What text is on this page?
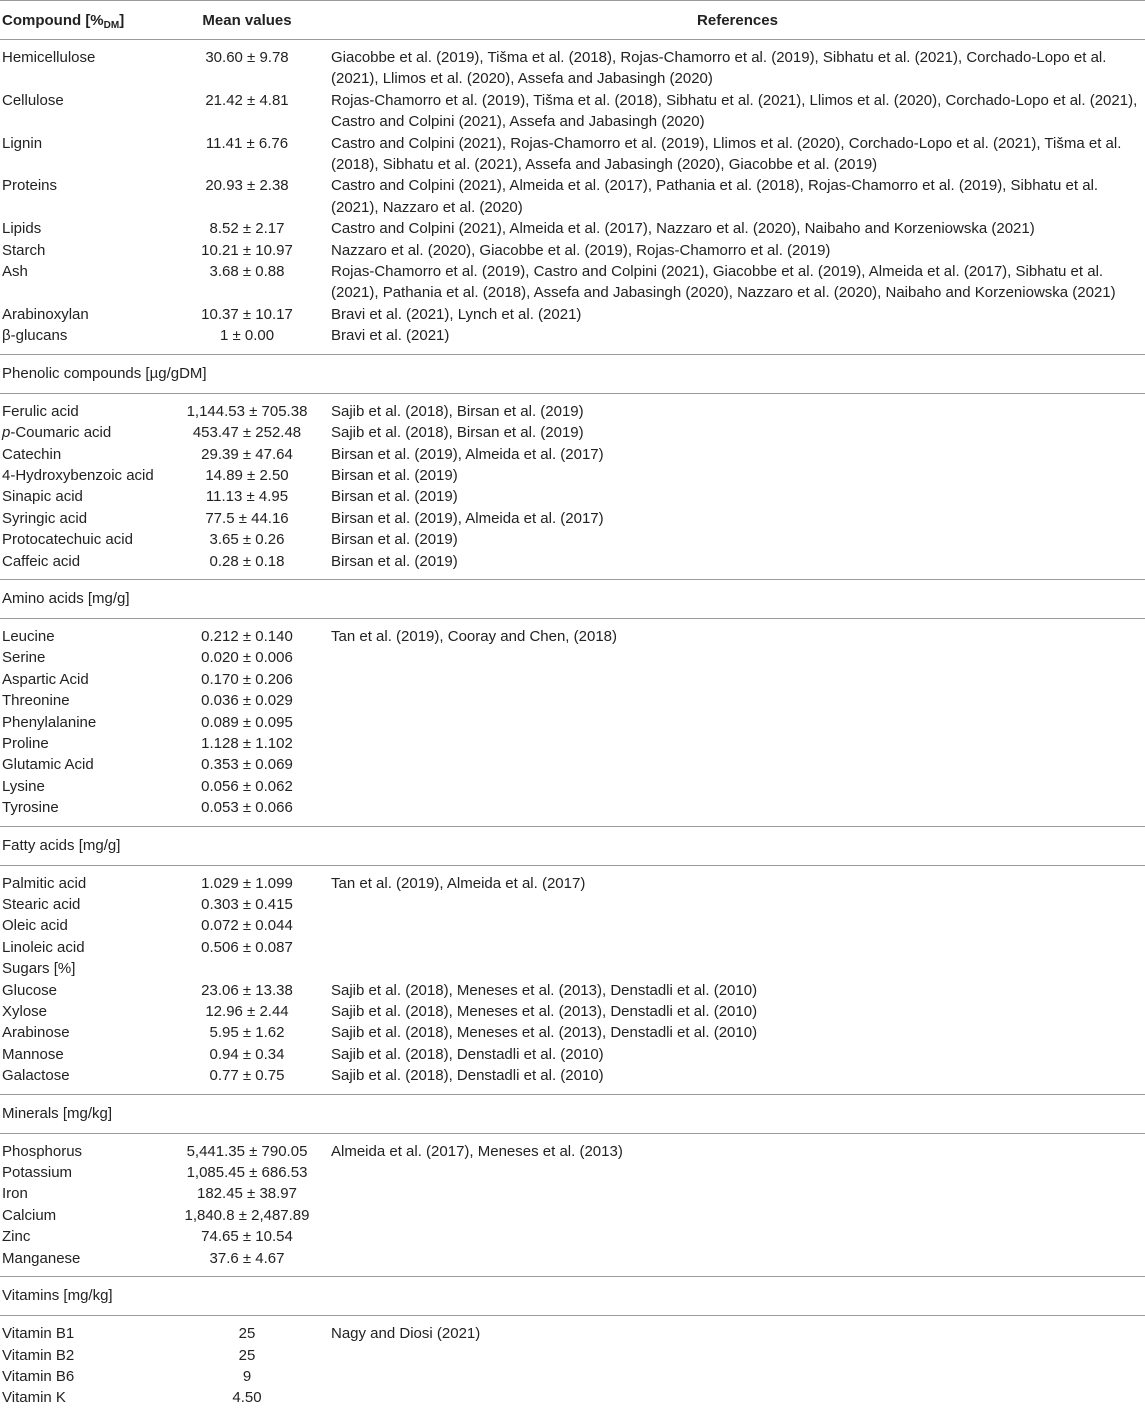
Compound $[\%_{DM}]$	Mean values	References
Hemicellulose	30.60 ± 9.78	Giacobbe et al. (2019), Tišma et al. (2018), Rojas-Chamorro et al. (2019), Sibhatu et al. (2021), Corchado-Lopo et al. (2021), Llimos et al. (2020), Assefa and Jabasingh (2020)
Cellulose	21.42 ± 4.81	Rojas-Chamorro et al. (2019), Tišma et al. (2018), Sibhatu et al. (2021), Llimos et al. (2020), Corchado-Lopo et al. (2021), Castro and Colpini (2021), Assefa and Jabasingh (2020)
Lignin	11.41 ± 6.76	Castro and Colpini (2021), Rojas-Chamorro et al. (2019), Llimos et al. (2020), Corchado-Lopo et al. (2021), Tišma et al. (2018), Sibhatu et al. (2021), Assefa and Jabasingh (2020), Giacobbe et al. (2019)
Proteins	20.93 ± 2.38	Castro and Colpini (2021), Almeida et al. (2017), Pathania et al. (2018), Rojas-Chamorro et al. (2019), Sibhatu et al. (2021), Nazzaro et al. (2020)
Lipids	8.52 ± 2.17	Castro and Colpini (2021), Almeida et al. (2017), Nazzaro et al. (2020), Naibaho and Korzeniowska (2021)
Starch	10.21 ± 10.97	Nazzaro et al. (2020), Giacobbe et al. (2019), Rojas-Chamorro et al. (2019)
Ash	3.68 ± 0.88	Rojas-Chamorro et al. (2019), Castro and Colpini (2021), Giacobbe et al. (2019), Almeida et al. (2017), Sibhatu et al. (2021), Pathania et al. (2018), Assefa and Jabasingh (2020), Nazzaro et al. (2020), Naibaho and Korzeniowska (2021)
Arabinoxylan	10.37 ± 10.17	Bravi et al. (2021), Lynch et al. (2021)
β-glucans	1 ± 0.00	Bravi et al. (2021)
Phenolic compounds [µg/gDM]		
Ferulic acid	1,144.53 ± 705.38	Sajib et al. (2018), Birsan et al. (2019)
p-Coumaric acid	453.47 ± 252.48	Sajib et al. (2018), Birsan et al. (2019)
Catechin	29.39 ± 47.64	Birsan et al. (2019), Almeida et al. (2017)
4-Hydroxybenzoic acid	14.89 ± 2.50	Birsan et al. (2019)
Sinapic acid	11.13 ± 4.95	Birsan et al. (2019)
Syringic acid	77.5 ± 44.16	Birsan et al. (2019), Almeida et al. (2017)
Protocatechuic acid	3.65 ± 0.26	Birsan et al. (2019)
Caffeic acid	0.28 ± 0.18	Birsan et al. (2019)
Amino acids [mg/g]		
Leucine	0.212 ± 0.140	Tan et al. (2019), Cooray and Chen, (2018)
Serine	0.020 ± 0.006	
Aspartic Acid	0.170 ± 0.206	
Threonine	0.036 ± 0.029	
Phenylalanine	0.089 ± 0.095	
Proline	1.128 ± 1.102	
Glutamic Acid	0.353 ± 0.069	
Lysine	0.056 ± 0.062	
Tyrosine	0.053 ± 0.066	
Fatty acids [mg/g]		
Palmitic acid	1.029 ± 1.099	Tan et al. (2019), Almeida et al. (2017)
Stearic acid	0.303 ± 0.415	
Oleic acid	0.072 ± 0.044	
Linoleic acid	0.506 ± 0.087	
Sugars [%]		
Glucose	23.06 ± 13.38	Sajib et al. (2018), Meneses et al. (2013), Denstadli et al. (2010)
Xylose	12.96 ± 2.44	Sajib et al. (2018), Meneses et al. (2013), Denstadli et al. (2010)
Arabinose	5.95 ± 1.62	Sajib et al. (2018), Meneses et al. (2013), Denstadli et al. (2010)
Mannose	0.94 ± 0.34	Sajib et al. (2018), Denstadli et al. (2010)
Galactose	0.77 ± 0.75	Sajib et al. (2018), Denstadli et al. (2010)
Minerals [mg/kg]		
Phosphorus	5,441.35 ± 790.05	Almeida et al. (2017), Meneses et al. (2013)
Potassium	1,085.45 ± 686.53	
Iron	182.45 ± 38.97	
Calcium	1,840.8 ± 2,487.89	
Zinc	74.65 ± 10.54	
Manganese	37.6 ± 4.67	
Vitamins [mg/kg]		
Vitamin B1	25	Nagy and Diosi (2021)
Vitamin B2	25	
Vitamin B6	9	
Vitamin K	4.50	
